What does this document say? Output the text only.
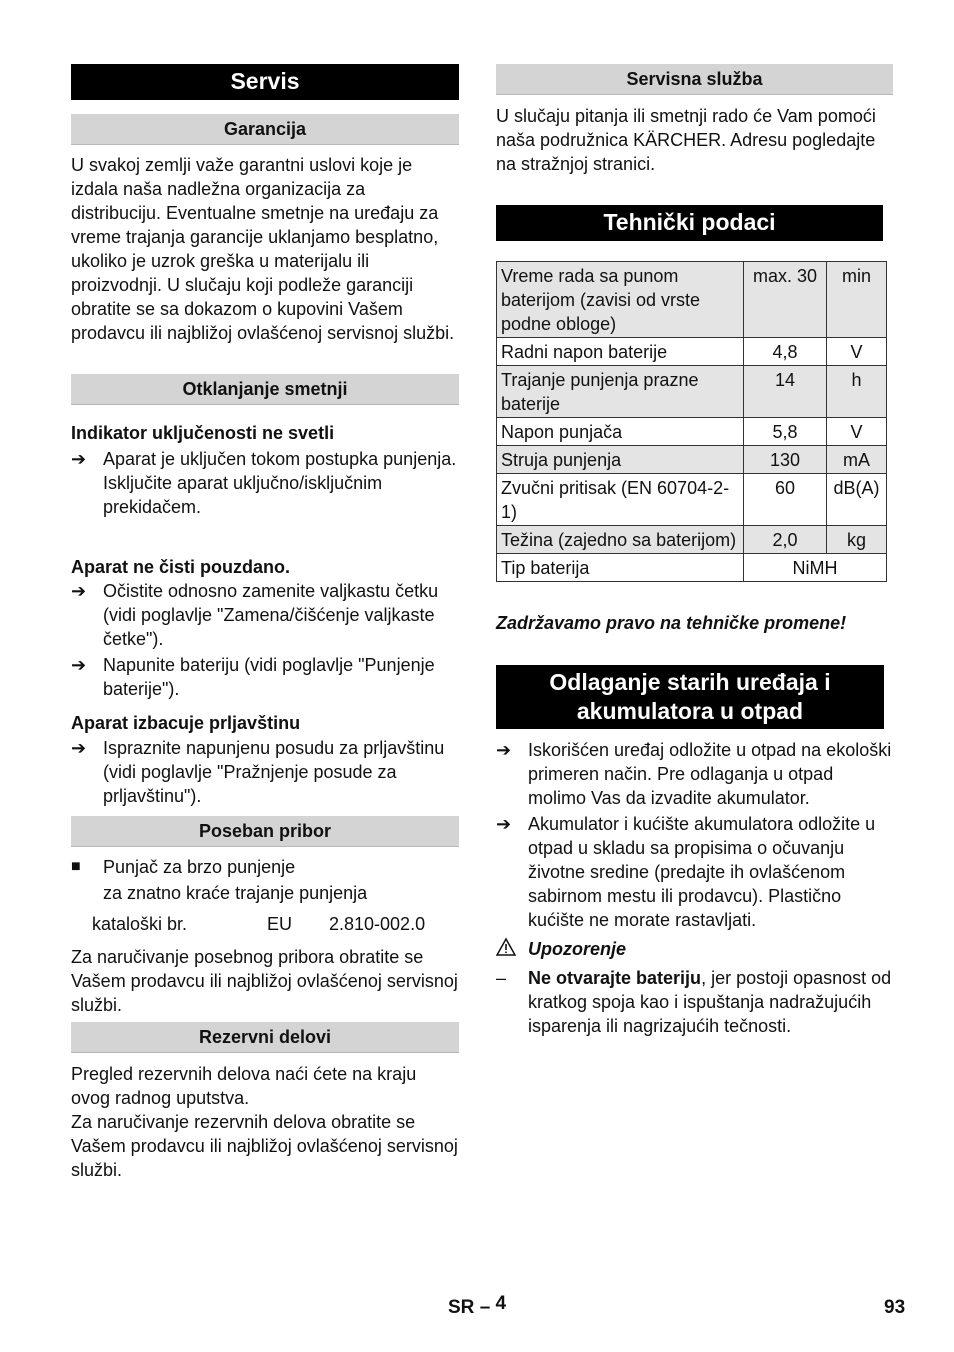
Servis
Garancija

U svakoj zemlji važe garantni uslovi koje je izdala naša nadležna organizacija za distribuciju. Eventualne smetnje na uređaju za vreme trajanja garancije uklanjamo besplatno, ukoliko je uzrok greška u materijalu ili proizvodnji. U slučaju koji podleže garanciji obratite se sa dokazom o kupovini Vašem prodavcu ili najbližoj ovlašćenoj servisnoj službi.

Otklanjanje smetnji
Indikator uključenosti ne svetli
➔ Aparat je uključen tokom postupka punjenja.
Isključite aparat uključno/isključnim prekidačem.
Aparat ne čisti pouzdano.
➔ Očistite odnosno zamenite valjkastu četku (vidi poglavlje "Zamena/čišćenje valjkaste četke").
➔ Napunite bateriju (vidi poglavlje "Punjenje baterije").
Aparat izbacuje prljavštinu
➔ Ispraznite napunjenu posudu za prljavštinu (vidi poglavlje "Pražnjenje posude za prljavštinu").
Poseban pribor
■	Punjač za brzo punjenje
za znatno kraće trajanje punjenja
kataloški br.	EU 2.810-002.0

Za naručivanje posebnog pribora obratite se Vašem prodavcu ili najbližoj ovlašćenoj servisnoj službi.

Rezervni delovi

Pregled rezervnih delova naći ćete na kraju ovog radnog uputstva.

Za naručivanje rezervnih delova obratite se Vašem prodavcu ili najbližoj ovlašćenoj servisnoj službi.

Servisna služba

U slučaju pitanja ili smetnji rado će Vam pomoći naša podružnica KÄRCHER. Adresu pogledajte na stražnjoj stranici.

Tehnički podaci
Vreme rada sa punom baterijom (zavisi od vrste podne obloge)	max. 30	min
Radni napon baterije	4,8	V
Trajanje punjenja prazne baterije	14	h
Napon punjača	5,8	V
Struja punjenja	130	mA
Zvučni pritisak (EN 60704-2-1)	60	dB(A)
Težina (zajedno sa baterijom)	2,0	kg
Tip baterija	NiMH	
Zadržavamo pravo na tehničke promene!
Odlaganje starih uređaja i akumulatora u otpad
➔ Iskorišćen uređaj odložite u otpad na ekološki primeren način. Pre odlaganja u otpad molimo Vas da izvadite akumulator.
➔ Akumulator i kućište akumulatora odložite u otpad u skladu sa propisima o očuvanju životne sredine (predajte ih ovlašćenom sabirnom mestu ili prodavcu). Plastično kućište ne morate rastavljati.
Upozorenje
–	Ne otvarajte bateriju, jer postoji opasnost od kratkog spoja kao i ispuštanja nadražujućih isparenja ili nagrizajućih tečnosti.
SR – 4	93
